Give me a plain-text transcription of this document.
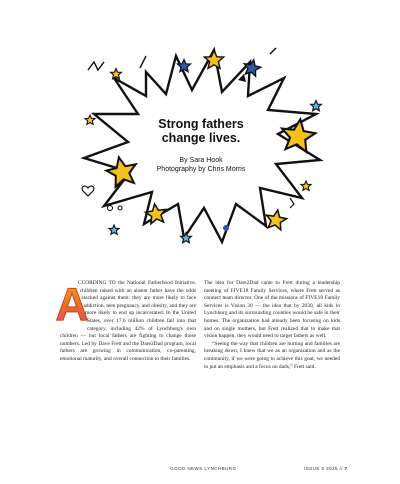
Strong fathers
change lives.
By Sara Hook
Photography by Chris Morris
A

CCORDING TO the National Fatherhood Initiative, children raised with an absent father have the odds stacked against them: they are more likely to face addiction, teen pregnancy, and obesity, and they are more likely to end up incarcerated. In the United States, over 17.6 million children fall into that category, including 42% of Lynchburg's own children — but local fathers are fighting to change those numbers. Led by Dave Frett and the Dare2Dad program, local fathers are growing in communication, co-parenting, emotional maturity, and overall connection to their families.

The idea for Dare2Dad came to Frett during a leadership meeting of FIVE18 Family Services, where Frett served as connect team director. One of the missions of FIVE18 Family Services is Vision 30 — the idea that by 2030, all kids in Lynchburg and its surrounding counties would be safe in their homes. The organization had already been focusing on kids and on single mothers, but Frett realized that to make that vision happen, they would need to target fathers as well.

“Seeing the way that children are hurting and families are breaking down, I knew that we as an organization and as the community, if we were going to achieve this goal, we needed to put an emphasis and a focus on dads,” Frett said.

GOOD NEWS LYNCHBURG	ISSUE 5 2025 // 7
